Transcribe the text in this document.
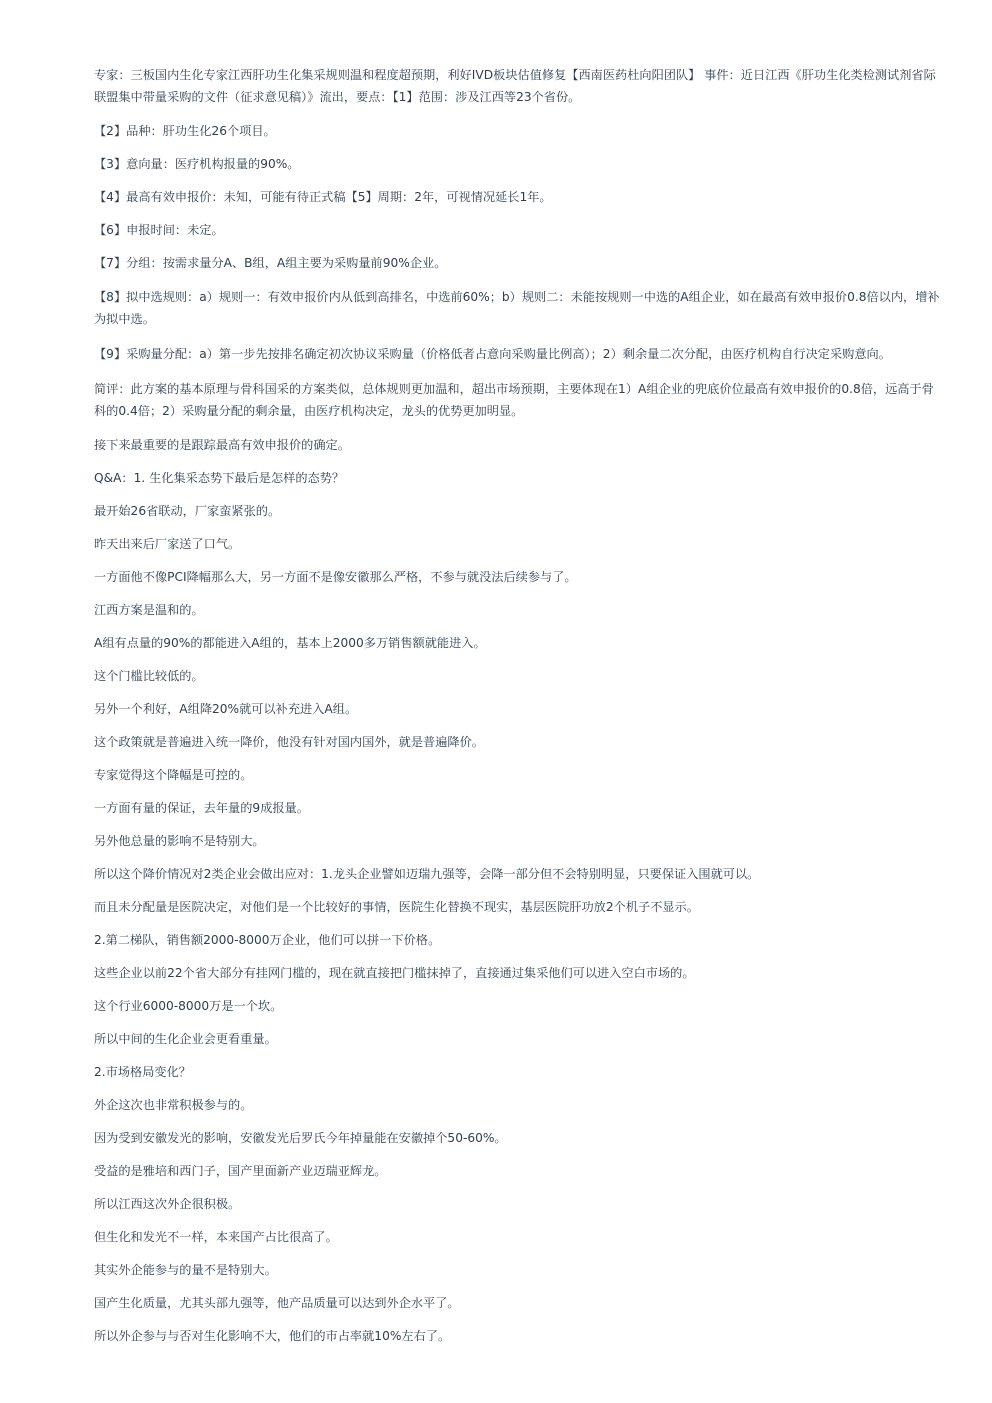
专家：三板国内生化专家江西肝功生化集采规则温和程度超预期，利好IVD板块估值修复【西南医药杜向阳团队】 事件：近日江西《肝功生化类检测试剂省际联盟集中带量采购的文件（征求意见稿）》流出，要点：【1】范围：涉及江西等23个省份。

【2】品种：肝功生化26个项目。

【3】意向量：医疗机构报量的90%。

【4】最高有效申报价：未知，可能有待正式稿【5】周期：2年，可视情况延长1年。

【6】申报时间：未定。

【7】分组：按需求量分A、B组，A组主要为采购量前90%企业。

【8】拟中选规则：a）规则一：有效申报价内从低到高排名，中选前60%；b）规则二：未能按规则一中选的A组企业，如在最高有效申报价0.8倍以内，增补为拟中选。

【9】采购量分配：a）第一步先按排名确定初次协议采购量（价格低者占意向采购量比例高）；2）剩余量二次分配，由医疗机构自行决定采购意向。

简评：此方案的基本原理与骨科国采的方案类似，总体规则更加温和，超出市场预期，主要体现在1）A组企业的兜底价位最高有效申报价的0.8倍，远高于骨科的0.4倍；2）采购量分配的剩余量，由医疗机构决定，龙头的优势更加明显。

接下来最重要的是跟踪最高有效申报价的确定。

Q&A：1. 生化集采态势下最后是怎样的态势？

最开始26省联动，厂家蛮紧张的。

昨天出来后厂家送了口气。

一方面他不像PCI降幅那么大，另一方面不是像安徽那么严格，不参与就没法后续参与了。

江西方案是温和的。

A组有点量的90%的都能进入A组的，基本上2000多万销售额就能进入。

这个门槛比较低的。

另外一个利好，A组降20%就可以补充进入A组。

这个政策就是普遍进入统一降价，他没有针对国内国外，就是普遍降价。

专家觉得这个降幅是可控的。

一方面有量的保证，去年量的9成报量。

另外他总量的影响不是特别大。

所以这个降价情况对2类企业会做出应对：1.龙头企业譬如迈瑞九强等，会降一部分但不会特别明显，只要保证入围就可以。

而且未分配量是医院决定，对他们是一个比较好的事情，医院生化替换不现实，基层医院肝功放2个机子不显示。

2.第二梯队，销售额2000-8000万企业，他们可以拼一下价格。

这些企业以前22个省大部分有挂网门槛的，现在就直接把门槛抹掉了，直接通过集采他们可以进入空白市场的。

这个行业6000-8000万是一个坎。

所以中间的生化企业会更看重量。

2.市场格局变化？

外企这次也非常积极参与的。

因为受到安徽发光的影响，安徽发光后罗氏今年掉量能在安徽掉个50-60%。

受益的是雅培和西门子，国产里面新产业迈瑞亚辉龙。

所以江西这次外企很积极。

但生化和发光不一样，本来国产占比很高了。

其实外企能参与的量不是特别大。

国产生化质量，尤其头部九强等，他产品质量可以达到外企水平了。

所以外企参与与否对生化影响不大，他们的市占率就10%左右了。
